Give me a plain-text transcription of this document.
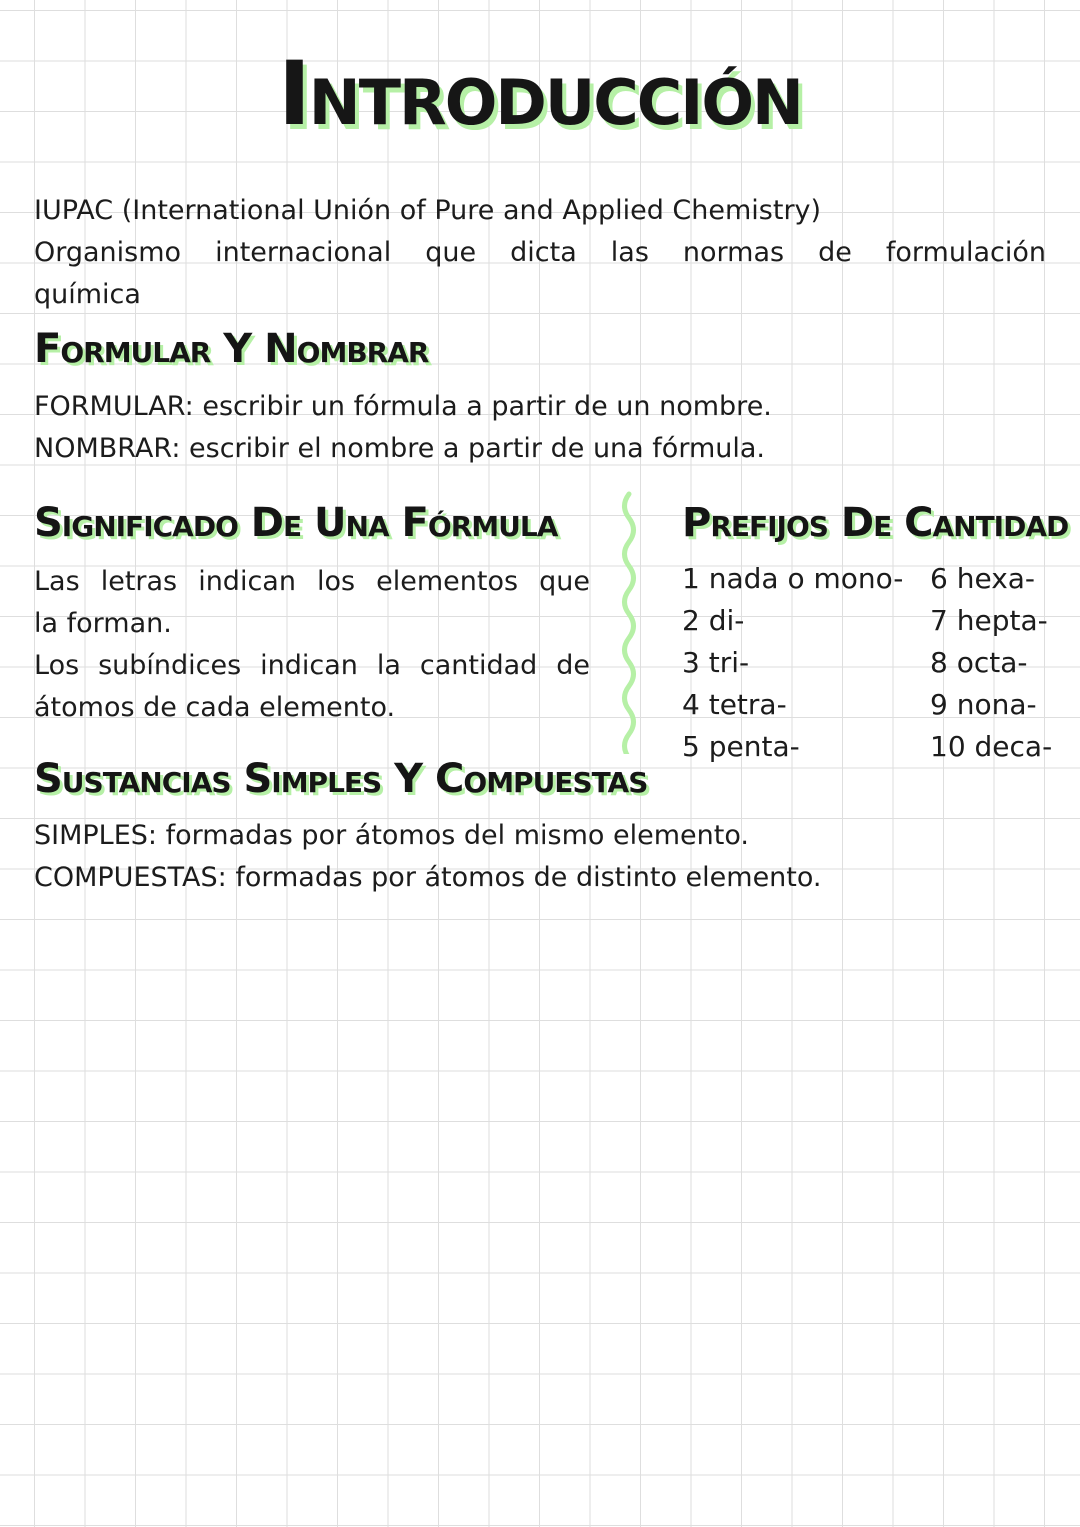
Introducción

IUPAC (International Unión of Pure and Applied Chemistry)

Organismo internacional que dicta las normas de formulación

química

Formular Y Nombrar

FORMULAR: escribir un fórmula a partir de un nombre.

NOMBRAR: escribir el nombre a partir de una fórmula.

Significado De Una Fórmula

Las letras indican los elementos que

la forman.

Los subíndices indican la cantidad de

átomos de cada elemento.

Prefijos De Cantidad
1 nada o mono-
2 di-
3 tri-
4 tetra-
5 penta-
6 hexa-
7 hepta-
8 octa-
9 nona-
10 deca-
Sustancias Simples Y Compuestas

SIMPLES: formadas por átomos del mismo elemento.

COMPUESTAS: formadas por átomos de distinto elemento.
